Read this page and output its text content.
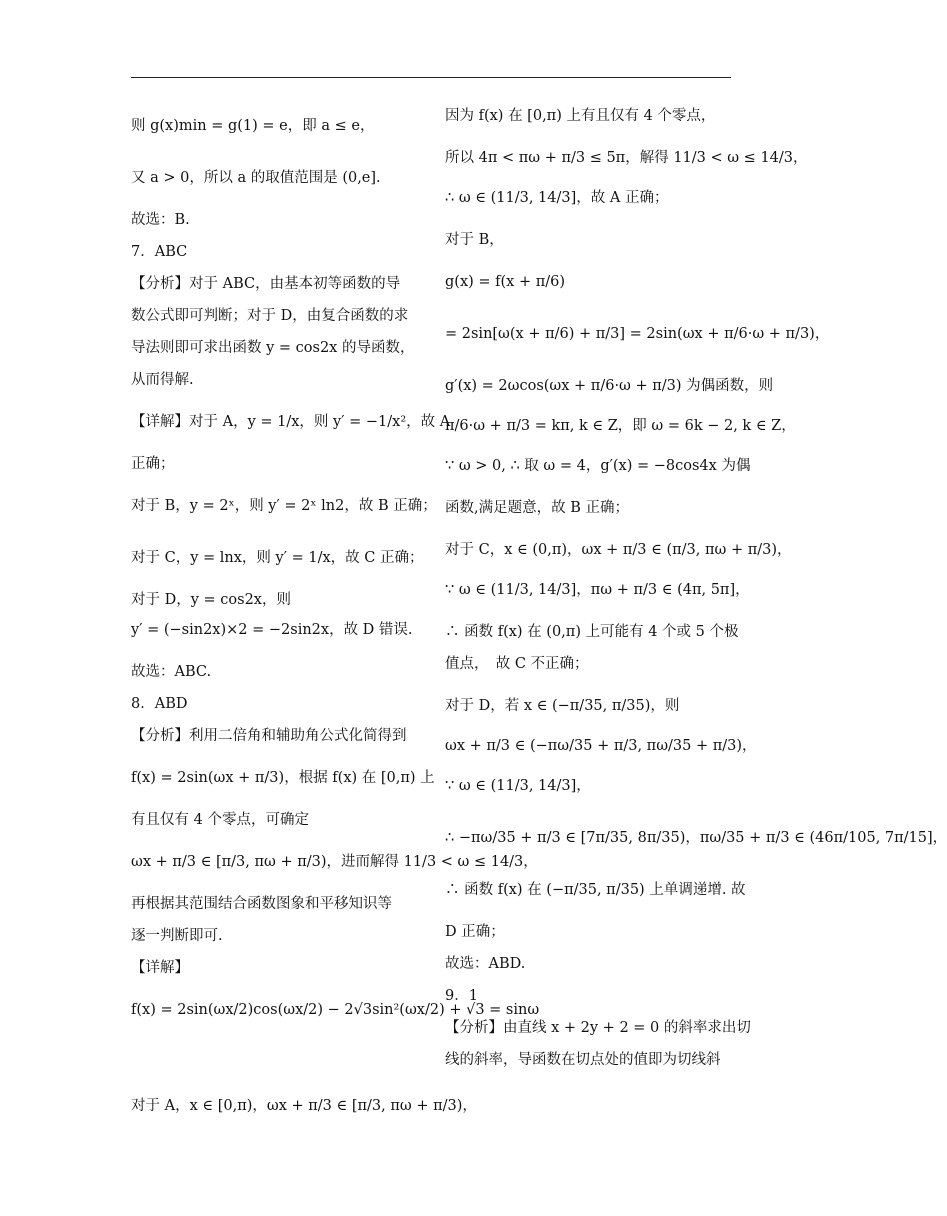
则 g(x)min = g(1) = e，即 a ≤ e，

又 a > 0，所以 a 的取值范围是 (0,e].

故选：B.

7．ABC

【分析】对于 ABC，由基本初等函数的导

数公式即可判断；对于 D，由复合函数的求

导法则即可求出函数 y = cos2x 的导函数，

从而得解.

【详解】对于 A，y = 1/x，则 y′ = −1/x²，故 A

正确；

对于 B，y = 2ˣ，则 y′ = 2ˣ ln2，故 B 正确；

对于 C，y = lnx，则 y′ = 1/x，故 C 正确；

对于 D，y = cos2x，则

y′ = (−sin2x)×2 = −2sin2x，故 D 错误.

故选：ABC.

8．ABD

【分析】利用二倍角和辅助角公式化简得到

f(x) = 2sin(ωx + π/3)，根据 f(x) 在 [0,π) 上

有且仅有 4 个零点，可确定

ωx + π/3 ∈ [π/3, πω + π/3)，进而解得 11/3 < ω ≤ 14/3，

再根据其范围结合函数图象和平移知识等

逐一判断即可.

【详解】

f(x) = 2sin(ωx/2)cos(ωx/2) − 2√3sin²(ωx/2) + √3 = sinω

对于 A，x ∈ [0,π)，ωx + π/3 ∈ [π/3, πω + π/3)，

因为 f(x) 在 [0,π) 上有且仅有 4 个零点，

所以 4π < πω + π/3 ≤ 5π，解得 11/3 < ω ≤ 14/3，

∴ ω ∈ (11/3, 14/3]，故 A 正确；

对于 B，

g(x) = f(x + π/6)

= 2sin[ω(x + π/6) + π/3] = 2sin(ωx + π/6·ω + π/3)，

g′(x) = 2ωcos(ωx + π/6·ω + π/3) 为偶函数，则

π/6·ω + π/3 = kπ, k ∈ Z，即 ω = 6k − 2, k ∈ Z，

∵ ω > 0, ∴ 取 ω = 4，g′(x) = −8cos4x 为偶

函数,满足题意，故 B 正确；

对于 C，x ∈ (0,π)，ωx + π/3 ∈ (π/3, πω + π/3)，

∵ ω ∈ (11/3, 14/3]，πω + π/3 ∈ (4π, 5π]，

∴ 函数 f(x) 在 (0,π) 上可能有 4 个或 5 个极

值点，　故 C 不正确；

对于 D，若 x ∈ (−π/35, π/35)，则

ωx + π/3 ∈ (−πω/35 + π/3, πω/35 + π/3)，

∵ ω ∈ (11/3, 14/3]，

∴ −πω/35 + π/3 ∈ [7π/35, 8π/35)，πω/35 + π/3 ∈ (46π/105, 7π/15]，

∴ 函数 f(x) 在 (−π/35, π/35) 上单调递增. 故

D 正确；

故选：ABD.

9．1

【分析】由直线 x + 2y + 2 = 0 的斜率求出切

线的斜率，导函数在切点处的值即为切线斜
